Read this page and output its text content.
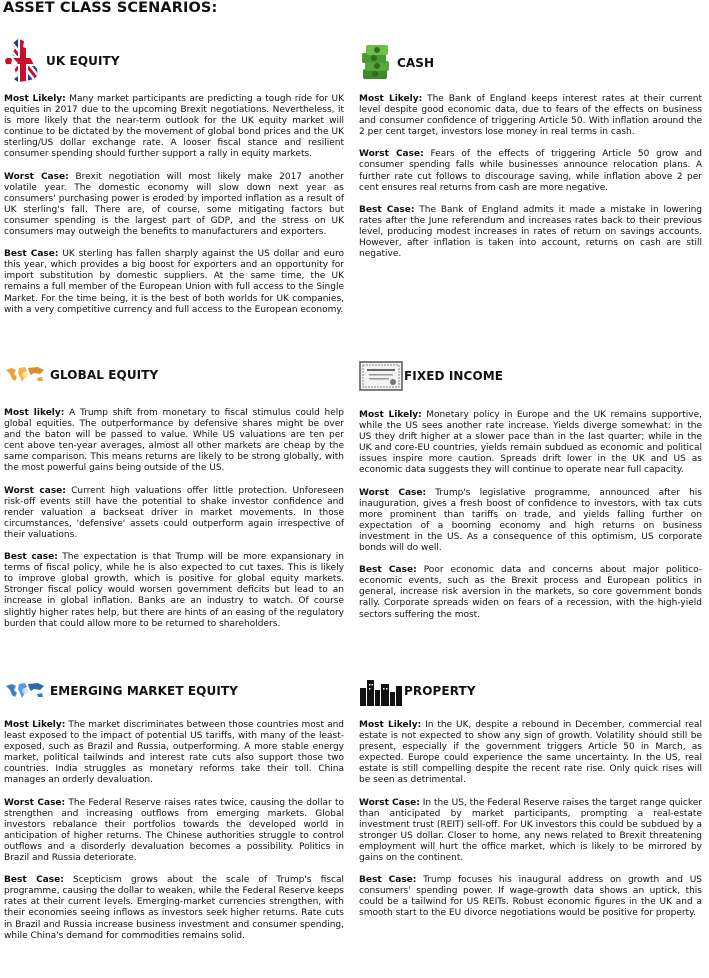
ASSET CLASS SCENARIOS:
UK EQUITY

Most Likely: Many market participants are predicting a tough ride for UK equities in 2017 due to the upcoming Brexit negotiations. Nevertheless, it is more likely that the near-term outlook for the UK equity market will continue to be dictated by the movement of global bond prices and the UK sterling/US dollar exchange rate. A looser fiscal stance and resilient consumer spending should further support a rally in equity markets.

Worst Case: Brexit negotiation will most likely make 2017 another volatile year. The domestic economy will slow down next year as consumers' purchasing power is eroded by imported inflation as a result of UK sterling's fall. There are, of course, some mitigating factors but consumer spending is the largest part of GDP, and the stress on UK consumers may outweigh the benefits to manufacturers and exporters.

Best Case: UK sterling has fallen sharply against the US dollar and euro this year, which provides a big boost for exporters and an opportunity for import substitution by domestic suppliers. At the same time, the UK remains a full member of the European Union with full access to the Single Market. For the time being, it is the best of both worlds for UK companies, with a very competitive currency and full access to the European economy.

GLOBAL EQUITY

Most likely: A Trump shift from monetary to fiscal stimulus could help global equities. The outperformance by defensive shares might be over and the baton will be passed to value. While US valuations are ten per cent above ten-year averages, almost all other markets are cheap by the same comparison. This means returns are likely to be strong globally, with the most powerful gains being outside of the US.

Worst case: Current high valuations offer little protection. Unforeseen risk-off events still have the potential to shake investor confidence and render valuation a backseat driver in market movements. In those circumstances, 'defensive' assets could outperform again irrespective of their valuations.

Best case: The expectation is that Trump will be more expansionary in terms of fiscal policy, while he is also expected to cut taxes. This is likely to improve global growth, which is positive for global equity markets. Stronger fiscal policy would worsen government deficits but lead to an increase in global inflation. Banks are an industry to watch. Of course slightly higher rates help, but there are hints of an easing of the regulatory burden that could allow more to be returned to shareholders.

EMERGING MARKET EQUITY

Most Likely: The market discriminates between those countries most and least exposed to the impact of potential US tariffs, with many of the least-exposed, such as Brazil and Russia, outperforming. A more stable energy market, political tailwinds and interest rate cuts also support those two countries. India struggles as monetary reforms take their toll. China manages an orderly devaluation.

Worst Case: The Federal Reserve raises rates twice, causing the dollar to strengthen and increasing outflows from emerging markets. Global investors rebalance their portfolios towards the developed world in anticipation of higher returns. The Chinese authorities struggle to control outflows and a disorderly devaluation becomes a possibility. Politics in Brazil and Russia deteriorate.

Best Case: Scepticism grows about the scale of Trump's fiscal programme, causing the dollar to weaken, while the Federal Reserve keeps rates at their current levels. Emerging-market currencies strengthen, with their economies seeing inflows as investors seek higher returns. Rate cuts in Brazil and Russia increase business investment and consumer spending, while China's demand for commodities remains solid.

CASH

Most Likely: The Bank of England keeps interest rates at their current level despite good economic data, due to fears of the effects on business and consumer confidence of triggering Article 50. With inflation around the 2 per cent target, investors lose money in real terms in cash.

Worst Case: Fears of the effects of triggering Article 50 grow and consumer spending falls while businesses announce relocation plans. A further rate cut follows to discourage saving, while inflation above 2 per cent ensures real returns from cash are more negative.

Best Case: The Bank of England admits it made a mistake in lowering rates after the June referendum and increases rates back to their previous level, producing modest increases in rates of return on savings accounts. However, after inflation is taken into account, returns on cash are still negative.

FIXED INCOME

Most Likely: Monetary policy in Europe and the UK remains supportive, while the US sees another rate increase. Yields diverge somewhat: in the US they drift higher at a slower pace than in the last quarter; while in the UK and core-EU countries, yields remain subdued as economic and political issues inspire more caution. Spreads drift lower in the UK and US as economic data suggests they will continue to operate near full capacity.

Worst Case: Trump's legislative programme, announced after his inauguration, gives a fresh boost of confidence to investors, with tax cuts more prominent than tariffs on trade, and yields falling further on expectation of a booming economy and high returns on business investment in the US. As a consequence of this optimism, US corporate bonds will do well.

Best Case: Poor economic data and concerns about major politico-economic events, such as the Brexit process and European politics in general, increase risk aversion in the markets, so core government bonds rally. Corporate spreads widen on fears of a recession, with the high-yield sectors suffering the most.

PROPERTY

Most Likely: In the UK, despite a rebound in December, commercial real estate is not expected to show any sign of growth. Volatility should still be present, especially if the government triggers Article 50 in March, as expected. Europe could experience the same uncertainty. In the US, real estate is still compelling despite the recent rate rise. Only quick rises will be seen as detrimental.

Worst Case: In the US, the Federal Reserve raises the target range quicker than anticipated by market participants, prompting a real-estate investment trust (REIT) sell-off. For UK investors this could be subdued by a stronger US dollar. Closer to home, any news related to Brexit threatening employment will hurt the office market, which is likely to be mirrored by gains on the continent.

Best Case: Trump focuses his inaugural address on growth and US consumers' spending power. If wage-growth data shows an uptick, this could be a tailwind for US REITs. Robust economic figures in the UK and a smooth start to the EU divorce negotiations would be positive for property.
